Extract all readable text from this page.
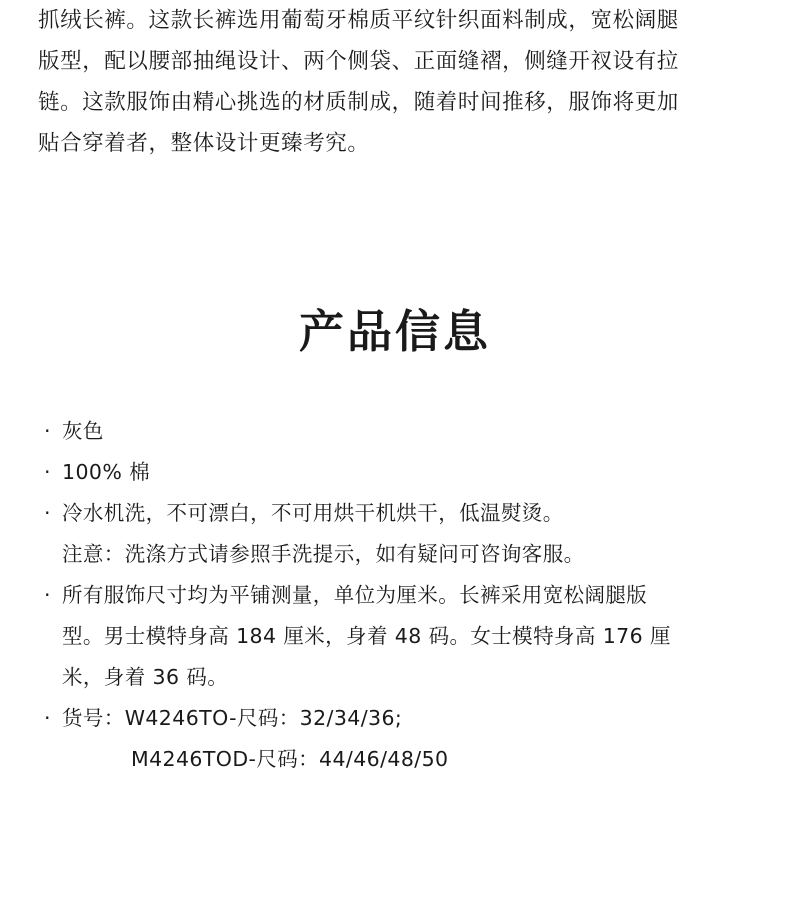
抓绒长裤。这款长裤选用葡萄牙棉质平纹针织面料制成，宽松阔腿
版型，配以腰部抽绳设计、两个侧袋、正面缝褶，侧缝开衩设有拉
链。这款服饰由精心挑选的材质制成，随着时间推移，服饰将更加
贴合穿着者，整体设计更臻考究。
产品信息
· 灰色
· 100% 棉
· 冷水机洗，不可漂白，不可用烘干机烘干，低温熨烫。
注意：洗涤方式请参照手洗提示，如有疑问可咨询客服。
· 所有服饰尺寸均为平铺测量，单位为厘米。长裤采用宽松阔腿版
型。男士模特身高 184 厘米，身着 48 码。女士模特身高 176 厘
米，身着 36 码。
· 货号：W4246TO-尺码：32/34/36;
M4246TOD-尺码：44/46/48/50
